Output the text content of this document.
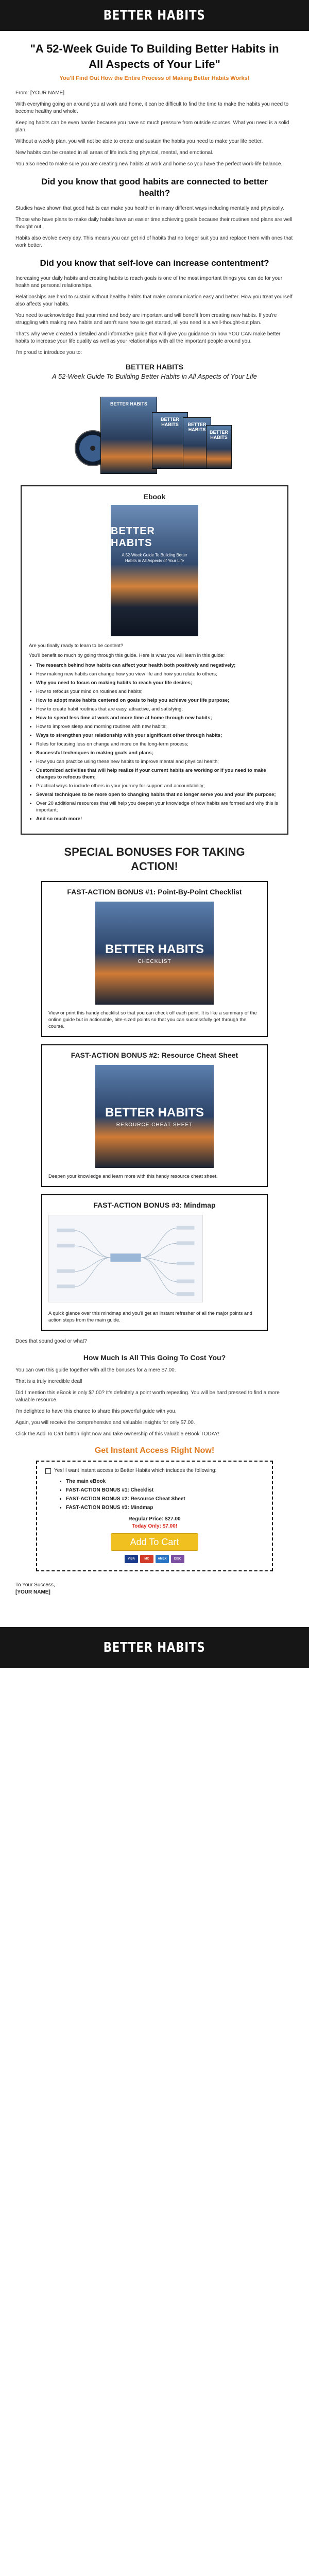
BETTER HABITS
"A 52-Week Guide To Building Better Habits in All Aspects of Your Life"
You'll Find Out How the Entire Process of Making Better Habits Works!

From: [YOUR NAME]

With everything going on around you at work and home, it can be difficult to find the time to make the habits you need to become healthy and whole.

Keeping habits can be even harder because you have so much pressure from outside sources. What you need is a solid plan.

Without a weekly plan, you will not be able to create and sustain the habits you need to make your life better.

New habits can be created in all areas of life including physical, mental, and emotional.

You also need to make sure you are creating new habits at work and home so you have the perfect work-life balance.

Did you know that good habits are connected to better health?

Studies have shown that good habits can make you healthier in many different ways including mentally and physically.

Those who have plans to make daily habits have an easier time achieving goals because their routines and plans are well thought out.

Habits also evolve every day. This means you can get rid of habits that no longer suit you and replace them with ones that work better.

Did you know that self-love can increase contentment?

Increasing your daily habits and creating habits to reach goals is one of the most important things you can do for your health and personal relationships.

Relationships are hard to sustain without healthy habits that make communication easy and better. How you treat yourself also affects your habits.

You need to acknowledge that your mind and body are important and will benefit from creating new habits. If you're struggling with making new habits and aren't sure how to get started, all you need is a well-thought-out plan.

That's why we've created a detailed and informative guide that will give you guidance on how YOU CAN make better habits to increase your life quality as well as your relationships with all the important people around you.

I'm proud to introduce you to:

BETTER HABITS
A 52-Week Guide To Building Better Habits in All Aspects of Your Life
BETTER HABITS
BETTER HABITS	BETTER HABITS BETTER HABITS
Ebook
BETTER HABITS
A 52-Week Guide To Building Better Habits in All Aspects of Your Life

Are you finally ready to learn to be content?

You'll benefit so much by going through this guide. Here is what you will learn in this guide:

• The research behind how habits can affect your health both positively and negatively;
• How making new habits can change how you view life and how you relate to others;
• Why you need to focus on making habits to reach your life desires;
• How to refocus your mind on routines and habits;
• How to adopt make habits centered on goals to help you achieve your life purpose;
• How to create habit routines that are easy, attractive, and satisfying;
• How to spend less time at work and more time at home through new habits;
• How to improve sleep and morning routines with new habits;
• Ways to strengthen your relationship with your significant other through habits;
• Rules for focusing less on change and more on the long-term process;
• Successful techniques in making goals and plans;
• How you can practice using these new habits to improve mental and physical health;
• Customized activities that will help realize if your current habits are working or if you need to make changes to refocus them;
• Practical ways to include others in your journey for support and accountability;
• Several techniques to be more open to changing habits that no longer serve you and your life purpose;
• Over 20 additional resources that will help you deepen your knowledge of how habits are formed and why this is important;
• And so much more!
SPECIAL BONUSES FOR TAKING ACTION!
FAST-ACTION BONUS #1: Point-By-Point Checklist
BETTER HABITS
CHECKLIST

View or print this handy checklist so that you can check off each point. It is like a summary of the online guide but in actionable, bite-sized points so that you can successfully get through the course.

FAST-ACTION BONUS #2: Resource Cheat Sheet
BETTER HABITS
RESOURCE CHEAT SHEET

Deepen your knowledge and learn more with this handy resource cheat sheet.

FAST-ACTION BONUS #3: Mindmap

A quick glance over this mindmap and you'll get an instant refresher of all the major points and action steps from the main guide.

Does that sound good or what?

How Much Is All This Going To Cost You?

You can own this guide together with all the bonuses for a mere $7.00.

That is a truly incredible deal!

Did I mention this eBook is only $7.00? It's definitely a point worth repeating. You will be hard pressed to find a more valuable resource.

I'm delighted to have this chance to share this powerful guide with you.

Again, you will receive the comprehensive and valuable insights for only $7.00.

Click the Add To Cart button right now and take ownership of this valuable eBook TODAY!

Get Instant Access Right Now!
Yes! I want instant access to Better Habits which includes the following:
• The main eBook
• FAST-ACTION BONUS #1: Checklist
• FAST-ACTION BONUS #2: Resource Cheat Sheet
• FAST-ACTION BONUS #3: Mindmap
Regular Price: $27.00
Today Only: $7.00!
Add To Cart
VISA	MC	AMEX	DISC

To Your Success,

[YOUR NAME]

BETTER HABITS
